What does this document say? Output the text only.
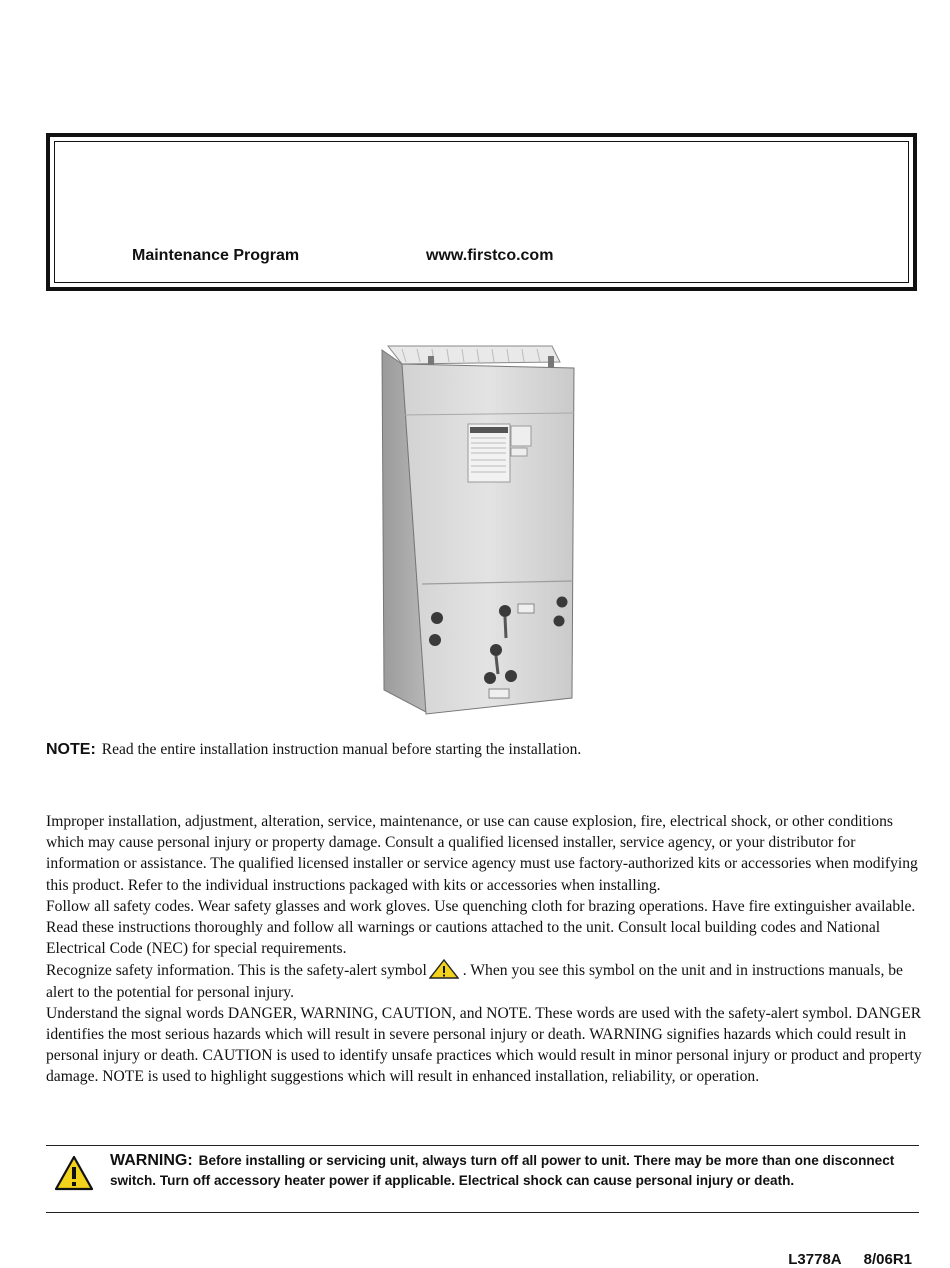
Maintenance Program	www.firstco.com
NOTE: Read the entire installation instruction manual before starting the installation.

Improper installation, adjustment, alteration, service, maintenance, or use can cause explosion, fire, electrical shock, or other conditions which may cause personal injury or property damage. Consult a qualified licensed installer, service agency, or your distributor for information or assistance. The qualified licensed installer or service agency must use factory-authorized kits or accessories when modifying this product. Refer to the individual instructions packaged with kits or accessories when installing.

Follow all safety codes. Wear safety glasses and work gloves. Use quenching cloth for brazing operations. Have fire extinguisher available. Read these instructions thoroughly and follow all warnings or cautions attached to the unit. Consult local building codes and National Electrical Code (NEC) for special requirements.

Recognize safety information. This is the safety-alert symbol . When you see this symbol on the unit and in instructions manuals, be alert to the potential for personal injury.

Understand the signal words DANGER, WARNING, CAUTION, and NOTE. These words are used with the safety-alert symbol. DANGER identifies the most serious hazards which will result in severe personal injury or death. WARNING signifies hazards which could result in personal injury or death. CAUTION is used to identify unsafe practices which would result in minor personal injury or product and property damage. NOTE is used to highlight suggestions which will result in enhanced installation, reliability, or operation.

WARNING: Before installing or servicing unit, always turn off all power to unit. There may be more than one disconnect switch. Turn off accessory heater power if applicable. Electrical shock can cause personal injury or death.
L3778A 8/06R1
